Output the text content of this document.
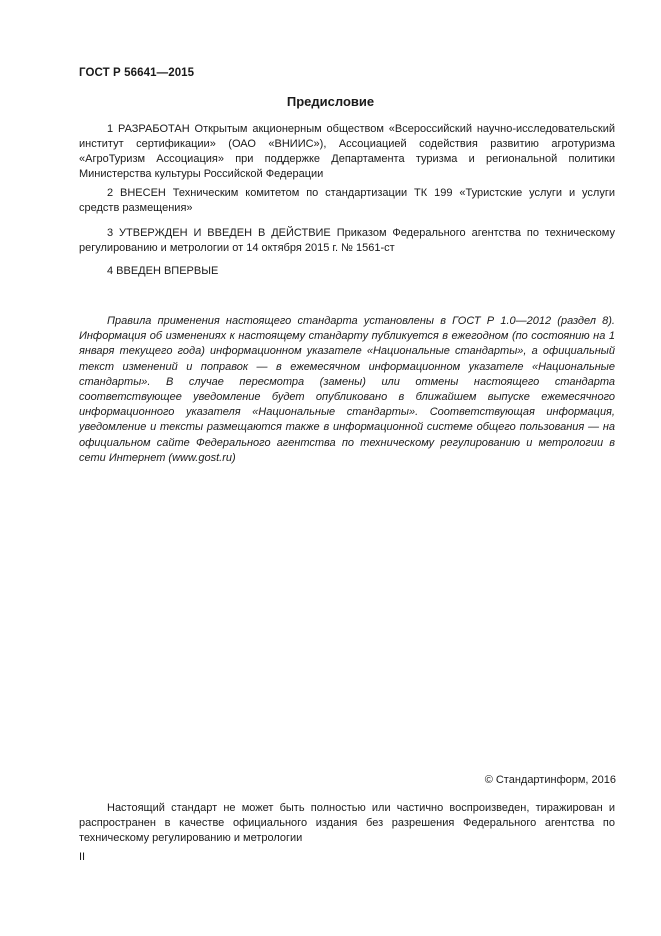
ГОСТ Р 56641—2015
Предисловие

1 РАЗРАБОТАН Открытым акционерным обществом «Всероссийский научно-исследовательский институт сертификации» (ОАО «ВНИИС»), Ассоциацией содействия развитию агротуризма «АгроТуризм Ассоциация» при поддержке Департамента туризма и региональной политики Министерства культуры Российской Федерации

2 ВНЕСЕН Техническим комитетом по стандартизации ТК 199 «Туристские услуги и услуги средств размещения»

3 УТВЕРЖДЕН И ВВЕДЕН В ДЕЙСТВИЕ Приказом Федерального агентства по техническому регулированию и метрологии от 14 октября 2015 г. № 1561-ст

4 ВВЕДЕН ВПЕРВЫЕ

Правила применения настоящего стандарта установлены в ГОСТ Р 1.0—2012 (раздел 8). Информация об изменениях к настоящему стандарту публикуется в ежегодном (по состоянию на 1 января текущего года) информационном указателе «Национальные стандарты», а официальный текст изменений и поправок — в ежемесячном информационном указателе «Национальные стандарты». В случае пересмотра (замены) или отмены настоящего стандарта соответствующее уведомление будет опубликовано в ближайшем выпуске ежемесячного информационного указателя «Национальные стандарты». Соответствующая информация, уведомление и тексты размещаются также в информационной системе общего пользования — на официальном сайте Федерального агентства по техническому регулированию и метрологии в сети Интернет (www.gost.ru)

© Стандартинформ, 2016

Настоящий стандарт не может быть полностью или частично воспроизведен, тиражирован и распространен в качестве официального издания без разрешения Федерального агентства по техническому регулированию и метрологии

II
